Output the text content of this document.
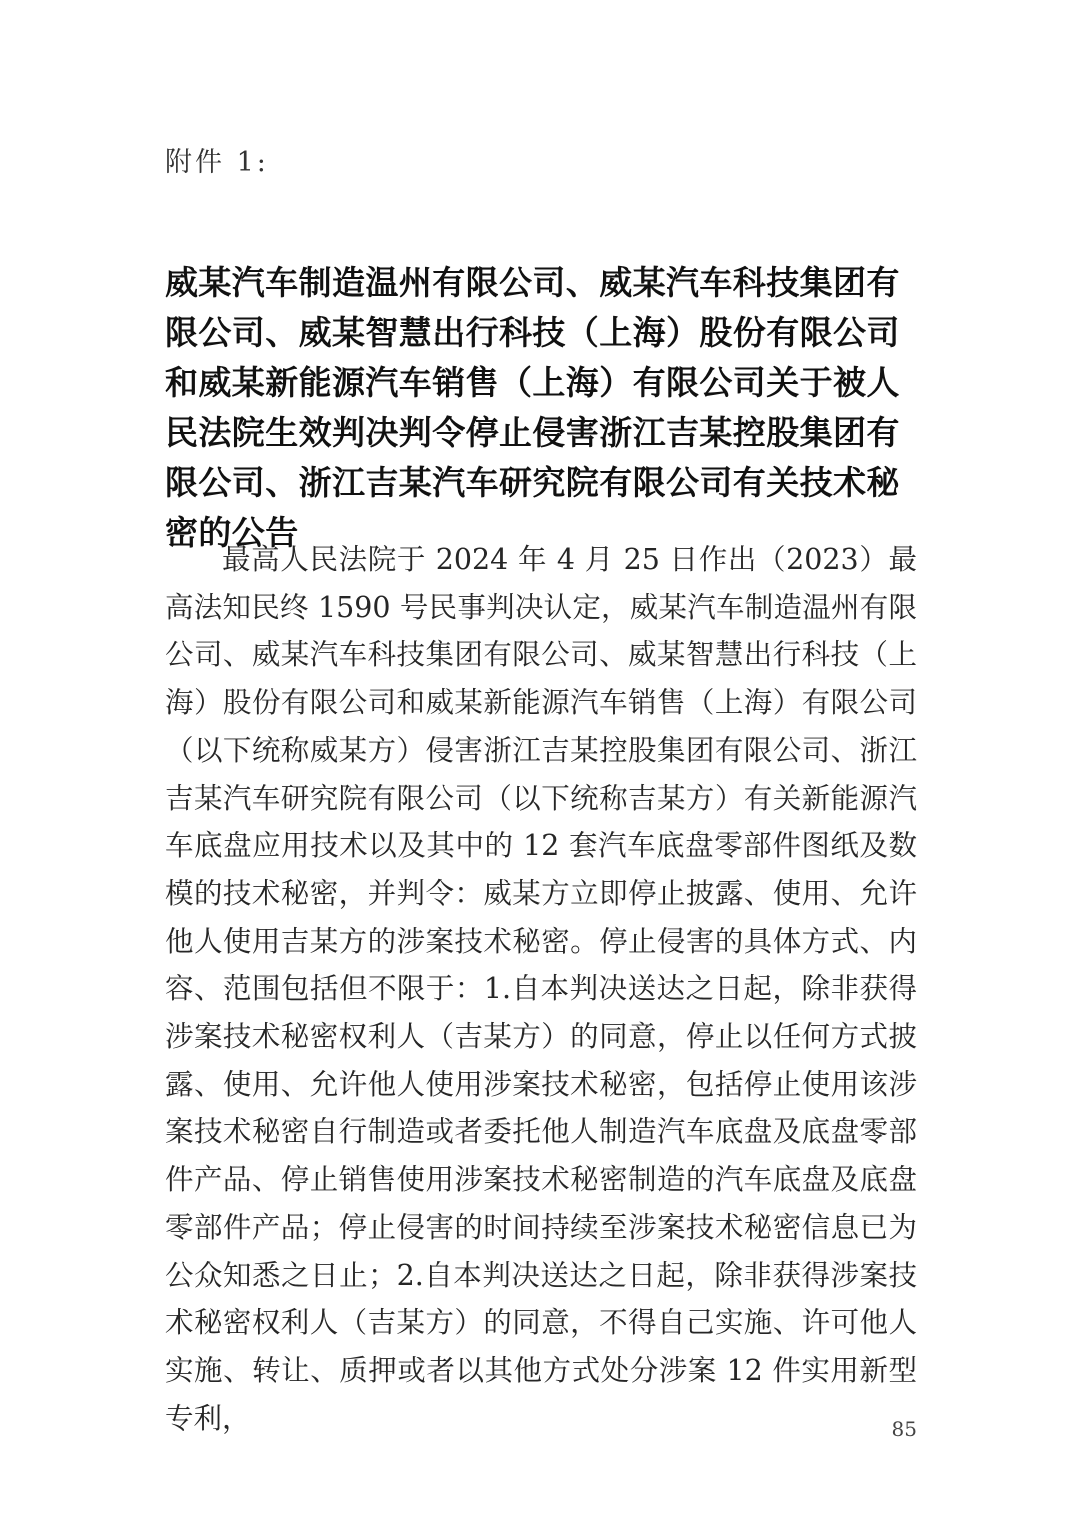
附件 1:

威某汽车制造温州有限公司、威某汽车科技集团有限公司、威某智慧出行科技（上海）股份有限公司和威某新能源汽车销售（上海）有限公司关于被人民法院生效判决判令停止侵害浙江吉某控股集团有限公司、浙江吉某汽车研究院有限公司有关技术秘密的公告

最高人民法院于 2024 年 4 月 25 日作出（2023）最高法知民终 1590 号民事判决认定，威某汽车制造温州有限公司、威某汽车科技集团有限公司、威某智慧出行科技（上海）股份有限公司和威某新能源汽车销售（上海）有限公司（以下统称威某方）侵害浙江吉某控股集团有限公司、浙江吉某汽车研究院有限公司（以下统称吉某方）有关新能源汽车底盘应用技术以及其中的 12 套汽车底盘零部件图纸及数模的技术秘密，并判令：威某方立即停止披露、使用、允许他人使用吉某方的涉案技术秘密。停止侵害的具体方式、内容、范围包括但不限于：1.自本判决送达之日起，除非获得涉案技术秘密权利人（吉某方）的同意，停止以任何方式披露、使用、允许他人使用涉案技术秘密，包括停止使用该涉案技术秘密自行制造或者委托他人制造汽车底盘及底盘零部件产品、停止销售使用涉案技术秘密制造的汽车底盘及底盘零部件产品；停止侵害的时间持续至涉案技术秘密信息已为公众知悉之日止；2.自本判决送达之日起，除非获得涉案技术秘密权利人（吉某方）的同意，不得自己实施、许可他人实施、转让、质押或者以其他方式处分涉案 12 件实用新型专利，	85
